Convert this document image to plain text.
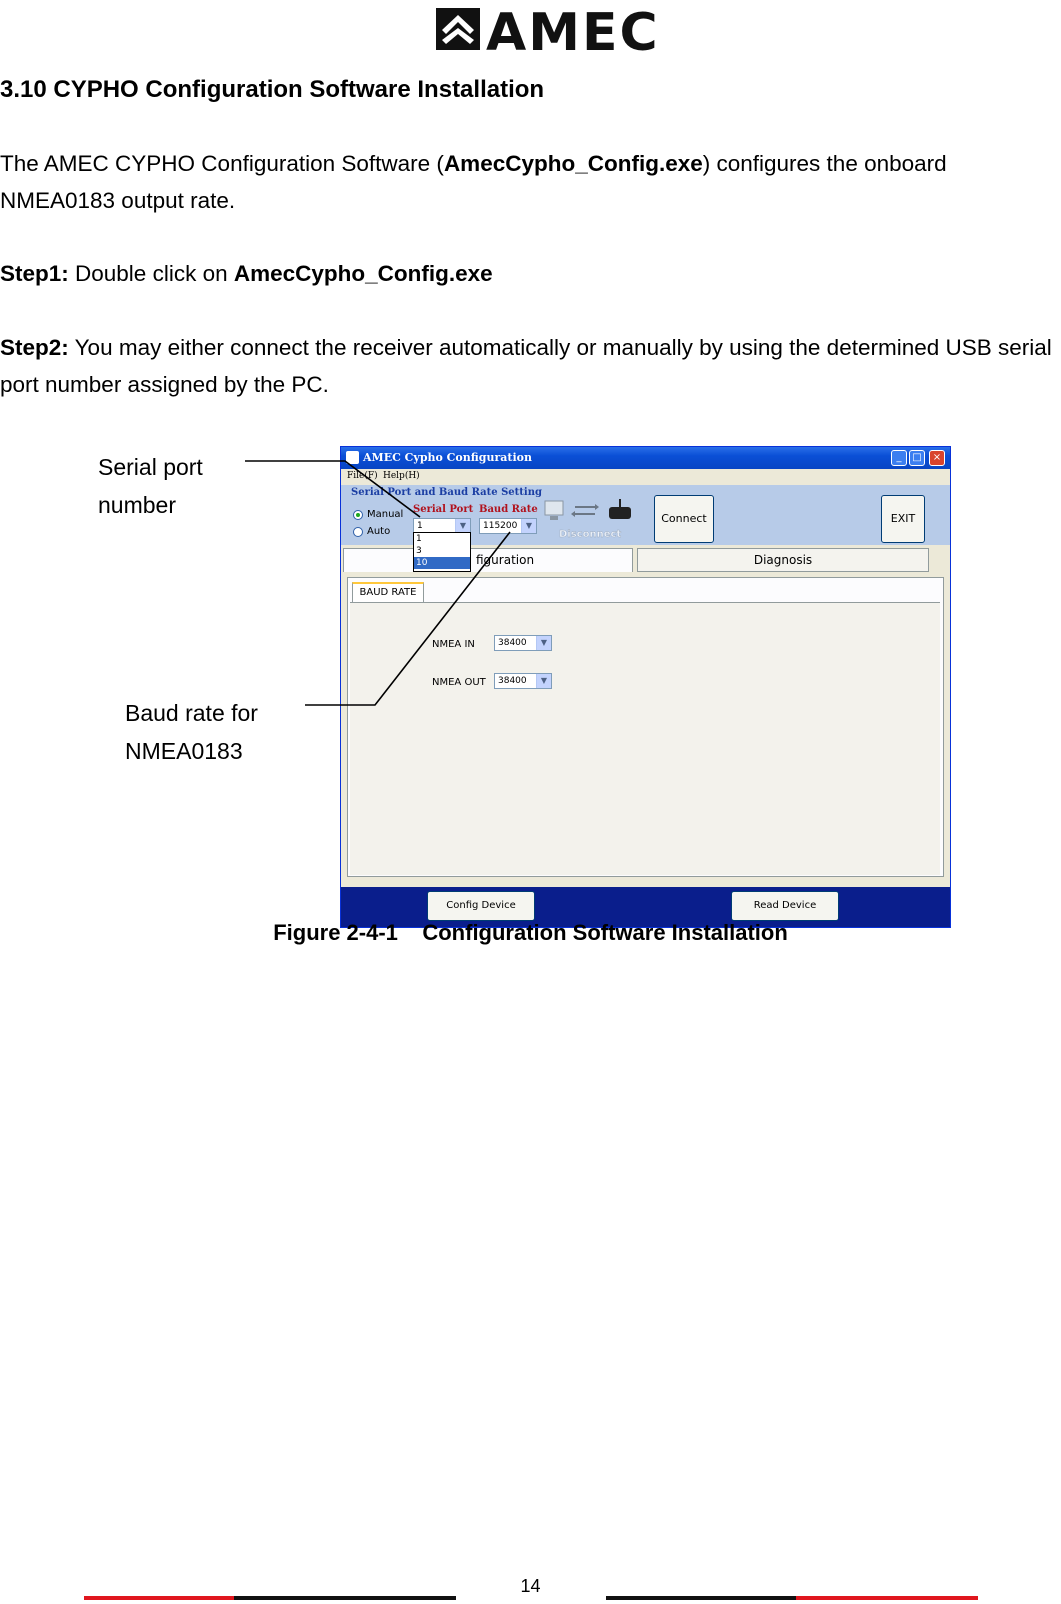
AMEC
3.10 CYPHO Configuration Software Installation
The AMEC CYPHO Configuration Software (AmecCypho_Config.exe) configures the onboard NMEA0183 output rate.
Step1: Double click on AmecCypho_Config.exe
Step2: You may either connect the receiver automatically or manually by using the determined USB serial port number assigned by the PC.
Serial port
number
Baud rate for
NMEA0183
AMEC Cypho Configuration	_	□	×
File(F) Help(H)
Serial Port and Baud Rate Setting
Manual
Auto
Serial Port Baud Rate
1	▼	115200	▼
1
3
10
Disconnect
Connect	EXIT
figuration	Diagnosis
BAUD RATE
NMEA IN	38400	▼
NMEA OUT	38400	▼
Config Device	Read Device
Figure 2-4-1    Configuration Software Installation
14
